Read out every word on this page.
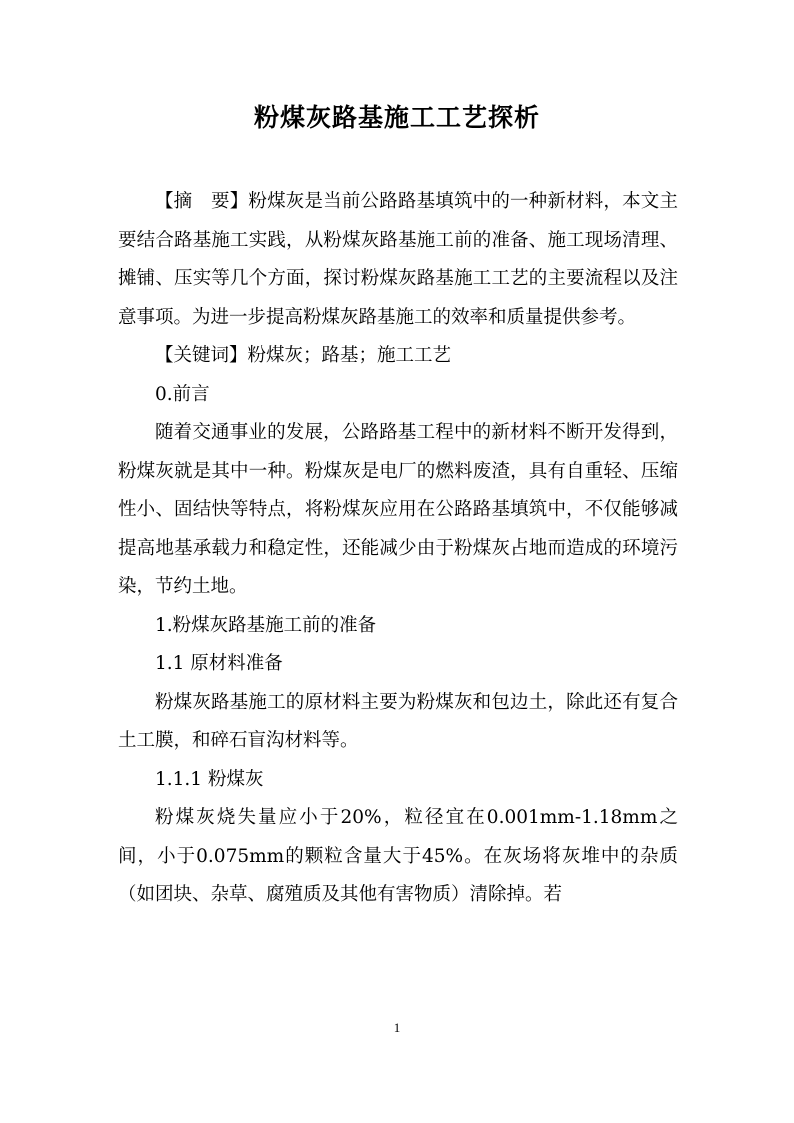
粉煤灰路基施工工艺探析

【摘　要】粉煤灰是当前公路路基填筑中的一种新材料，本文主要结合路基施工实践，从粉煤灰路基施工前的准备、施工现场清理、摊铺、压实等几个方面，探讨粉煤灰路基施工工艺的主要流程以及注意事项。为进一步提高粉煤灰路基施工的效率和质量提供参考。

【关键词】粉煤灰；路基；施工工艺

0.前言

随着交通事业的发展，公路路基工程中的新材料不断开发得到，粉煤灰就是其中一种。粉煤灰是电厂的燃料废渣，具有自重轻、压缩性小、固结快等特点，将粉煤灰应用在公路路基填筑中，不仅能够减提高地基承载力和稳定性，还能减少由于粉煤灰占地而造成的环境污染，节约土地。

1.粉煤灰路基施工前的准备

1.1 原材料准备

粉煤灰路基施工的原材料主要为粉煤灰和包边土，除此还有复合土工膜，和碎石盲沟材料等。

1.1.1 粉煤灰

粉煤灰烧失量应小于20%，粒径宜在0.001mm-1.18mm之间，小于0.075mm的颗粒含量大于45%。在灰场将灰堆中的杂质（如团块、杂草、腐殖质及其他有害物质）清除掉。若

1
